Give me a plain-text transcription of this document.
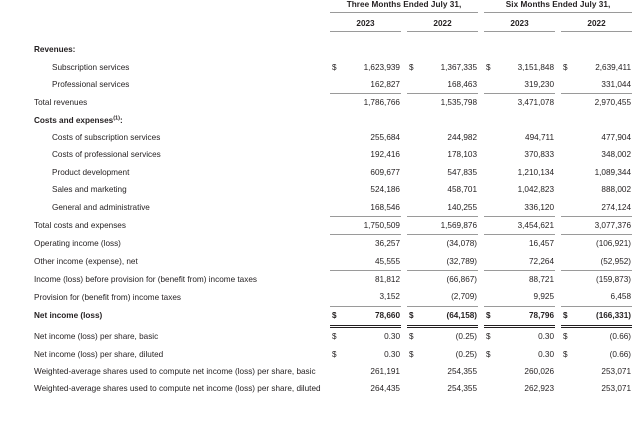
	Three Months Ended July 31,						Six Months Ended July 31,				

	2023			2022			2023			2022	

Revenues:											
Subscription services	$	1,623,939		$	1,367,335		$	3,151,848		$	2,639,411
Professional services		162,827			168,463			319,230			331,044
Total revenues		1,786,766			1,535,798			3,471,078			2,970,455
Costs and expenses$^{(1)}$:											
Costs of subscription services		255,684			244,982			494,711			477,904
Costs of professional services		192,416			178,103			370,833			348,002
Product development		609,677			547,835			1,210,134			1,089,344
Sales and marketing		524,186			458,701			1,042,823			888,002
General and administrative		168,546			140,255			336,120			274,124
Total costs and expenses		1,750,509			1,569,876			3,454,621			3,077,376
Operating income (loss)		36,257			(34,078)			16,457			(106,921)
Other income (expense), net		45,555			(32,789)			72,264			(52,952)
Income (loss) before provision for (benefit from) income taxes		81,812			(66,867)			88,721			(159,873)
Provision for (benefit from) income taxes		3,152			(2,709)			9,925			6,458
Net income (loss)	$	78,660		$	(64,158)		$	78,796		$	(166,331)

Net income (loss) per share, basic	$	0.30		$	(0.25)		$	0.30		$	(0.66)
Net income (loss) per share, diluted	$	0.30		$	(0.25)		$	0.30		$	(0.66)
Weighted-average shares used to compute net income (loss) per share, basic		261,191			254,355			260,026			253,071
Weighted-average shares used to compute net income (loss) per share, diluted		264,435			254,355			262,923			253,071
